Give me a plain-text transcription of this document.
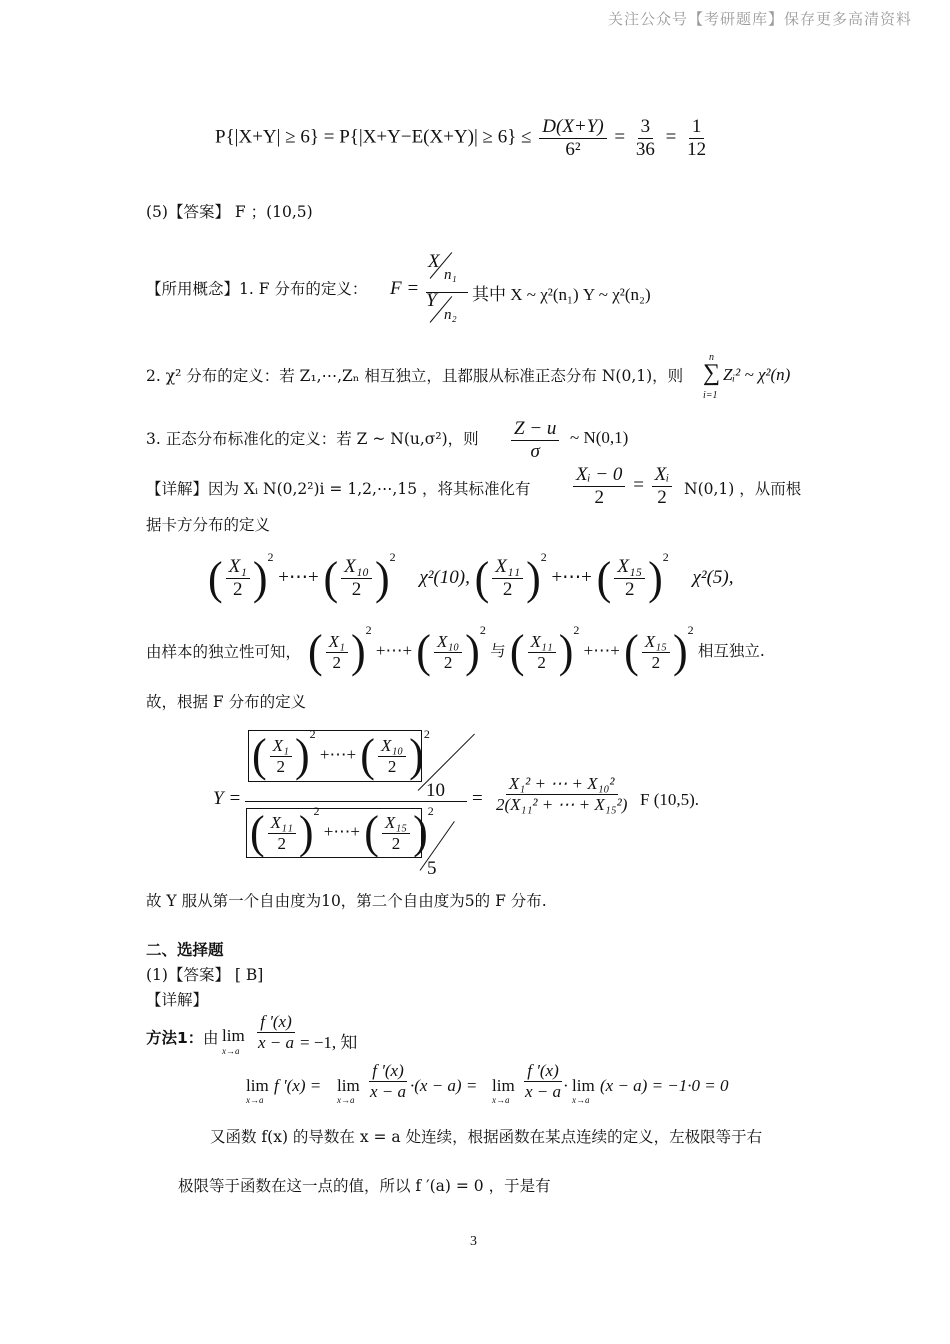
关注公众号【考研题库】保存更多高清资料
$P\{|X+Y| \ge 6\} = P\{|X+Y-E(X+Y)| \ge 6\} \le \frac{D(X+Y)}{\text{6²}} = \frac{3}{36} = \frac{1}{12}$
(5)【答案】 F ；(10,5)
【所用概念】1. F 分布的定义： F =
X
n₁
Y
n₂
其中 X ~ χ²(n₁) Y ~ χ²(n₂)
2. χ² 分布的定义：若 Z₁,⋯,Zₙ 相互独立，且都服从标准正态分布 N(0,1)，则
n
∑
i=1
Zᵢ² ~ χ²(n)
3. 正态分布标准化的定义：若 Z ~ N(u,σ²)，则 $\frac{Z - u}{\sigma}$ ~ N(0,1)
【详解】因为 Xᵢ N(0,2²)i = 1,2,⋯,15 ，将其标准化有 $\frac{\text{Xᵢ − 0}}{2} = \frac{\text{Xᵢ}}{2} N(0,1)$ ，从而根
据卡方分布的定义
( $\frac{\text{X₁}}{2} )^2$ +⋯+ ( $\frac{\text{X₁₀}}{2} )^2$     χ²(10), ( $\frac{\text{X₁₁}}{2} )^2$ +⋯+ ( $\frac{\text{X₁₅}}{2} )^2$     χ²(5),
由样本的独立性可知， ( $\frac{\text{X₁}}{2} )^2$ +⋯+ ( $\frac{\text{X₁₀}}{2} )^2$ 与 ( $\frac{\text{X₁₁}}{2} )^2$ +⋯+ ( $\frac{\text{X₁₅}}{2} )^2$ 相互独立.
故，根据 F 分布的定义
Y =
( $\frac{\text{X₁}}{2} )^2$ +⋯+ ( $\frac{\text{X₁₀}}{2} )^2$
10
( $\frac{\text{X₁₁}}{2} )^2$ +⋯+ ( $\frac{\text{X₁₅}}{2} )^2$
5
= $\frac{\text{X₁² + ⋯ + X₁₀²}}{\text{2(X₁₁² + ⋯ + X₁₅²)}}$ F (10,5).
故 Y 服从第一个自由度为10，第二个自由度为5的 F 分布.
二、选择题
(1)【答案】 [ B]
【详解】
方法1： 由 lim
$x\to a \frac{f '(x)}{x - a} = -1$, 知
lim
x→a
f '(x) = lim
$x\to a \frac{f '(x)}{x - a} \cdot(x - a) = \lim$
$x\to a \frac{f '(x)}{x - a}$
· lim
x→a
(x − a) = −1·0 = 0
又函数 f(x) 的导数在 x = a 处连续，根据函数在某点连续的定义，左极限等于右
极限等于函数在这一点的值，所以 f ′(a) = 0 ，于是有
3
